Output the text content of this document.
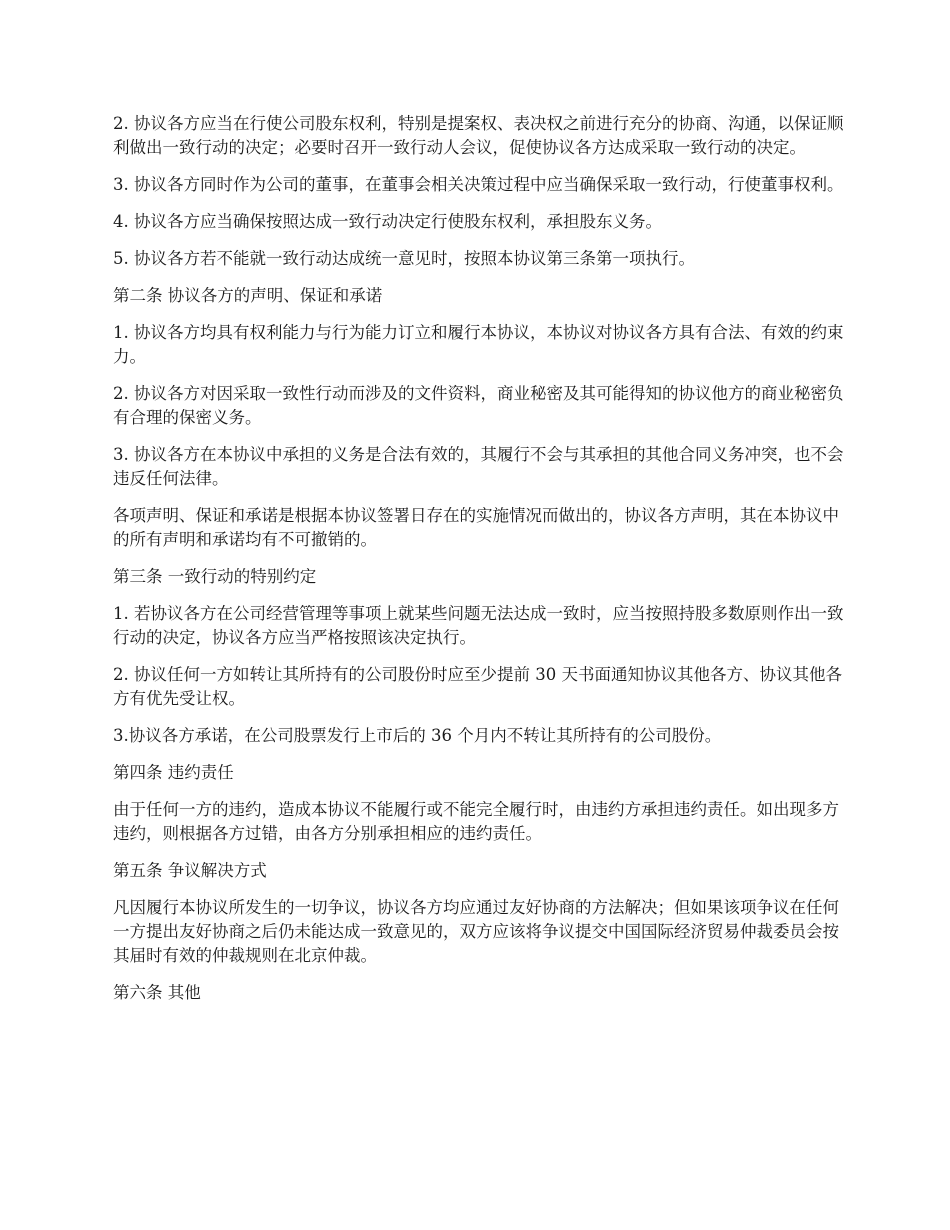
2. 协议各方应当在行使公司股东权利，特别是提案权、表决权之前进行充分的协商、沟通，以保证顺利做出一致行动的决定；必要时召开一致行动人会议，促使协议各方达成采取一致行动的决定。

3. 协议各方同时作为公司的董事，在董事会相关决策过程中应当确保采取一致行动，行使董事权利。

4. 协议各方应当确保按照达成一致行动决定行使股东权利，承担股东义务。

5. 协议各方若不能就一致行动达成统一意见时，按照本协议第三条第一项执行。

第二条 协议各方的声明、保证和承诺

1. 协议各方均具有权利能力与行为能力订立和履行本协议，本协议对协议各方具有合法、有效的约束力。

2. 协议各方对因采取一致性行动而涉及的文件资料，商业秘密及其可能得知的协议他方的商业秘密负有合理的保密义务。

3. 协议各方在本协议中承担的义务是合法有效的，其履行不会与其承担的其他合同义务冲突，也不会违反任何法律。

各项声明、保证和承诺是根据本协议签署日存在的实施情况而做出的，协议各方声明，其在本协议中的所有声明和承诺均有不可撤销的。

第三条 一致行动的特别约定

1. 若协议各方在公司经营管理等事项上就某些问题无法达成一致时，应当按照持股多数原则作出一致行动的决定，协议各方应当严格按照该决定执行。

2. 协议任何一方如转让其所持有的公司股份时应至少提前 30 天书面通知协议其他各方、协议其他各方有优先受让权。

3.协议各方承诺，在公司股票发行上市后的 36 个月内不转让其所持有的公司股份。

第四条 违约责任

由于任何一方的违约，造成本协议不能履行或不能完全履行时，由违约方承担违约责任。如出现多方违约，则根据各方过错，由各方分别承担相应的违约责任。

第五条 争议解决方式

凡因履行本协议所发生的一切争议，协议各方均应通过友好协商的方法解决；但如果该项争议在任何一方提出友好协商之后仍未能达成一致意见的，双方应该将争议提交中国国际经济贸易仲裁委员会按其届时有效的仲裁规则在北京仲裁。

第六条 其他
